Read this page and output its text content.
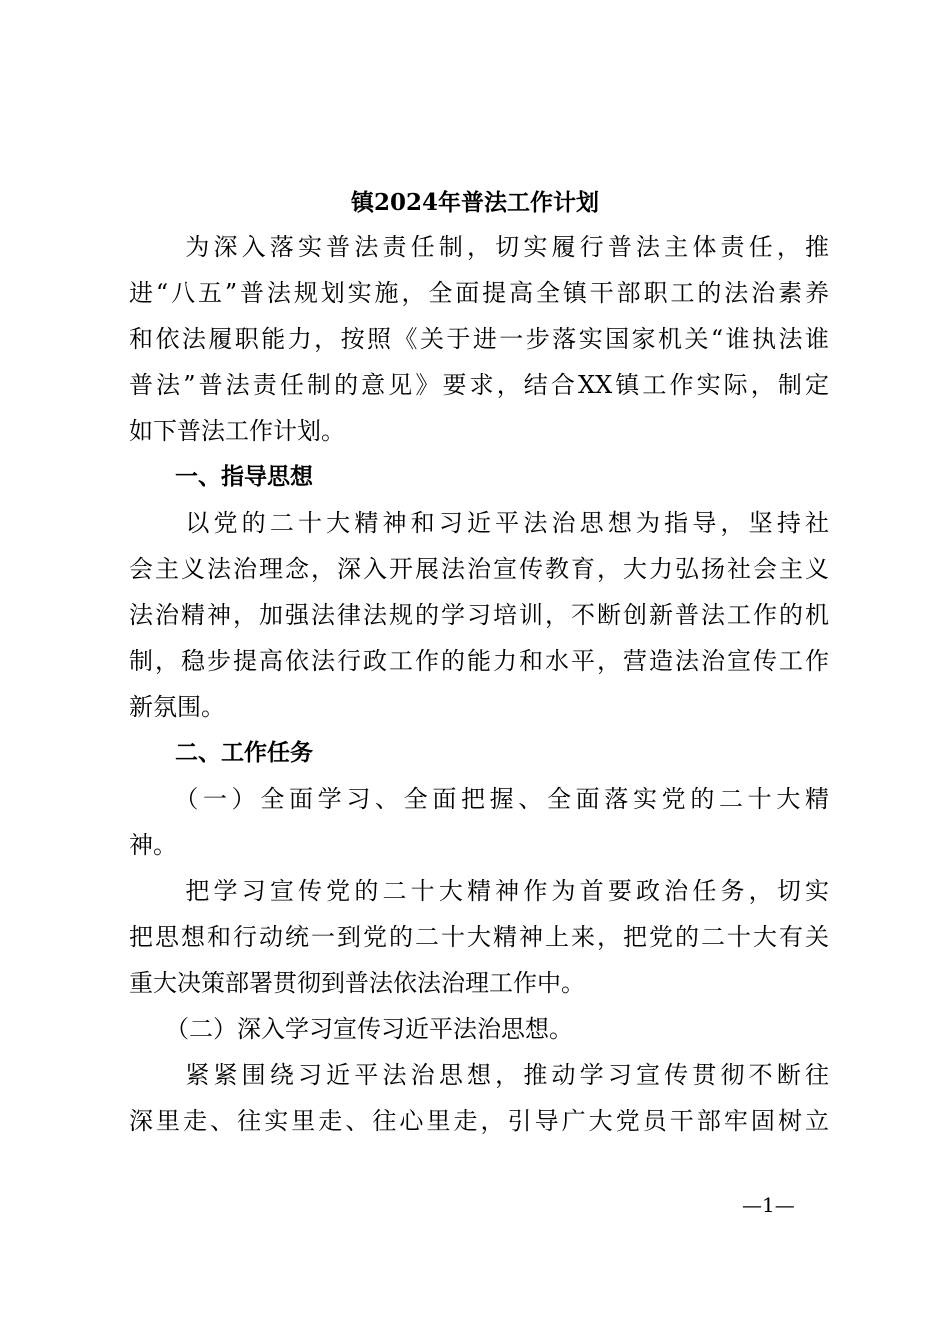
镇2024年普法工作计划
　　为深入落实普法责任制，切实履行普法主体责任，推
进“八五”普法规划实施，全面提高全镇干部职工的法治素养
和依法履职能力，按照《关于进一步落实国家机关“谁执法谁
普法”普法责任制的意见》要求，结合XX镇工作实际，制定
如下普法工作计划。
　　一、指导思想
　　以党的二十大精神和习近平法治思想为指导，坚持社
会主义法治理念，深入开展法治宣传教育，大力弘扬社会主义
法治精神，加强法律法规的学习培训，不断创新普法工作的机
制，稳步提高依法行政工作的能力和水平，营造法治宣传工作
新氛围。
　　二、工作任务
　　（一）全面学习、全面把握、全面落实党的二十大精
神。
　　把学习宣传党的二十大精神作为首要政治任务，切实
把思想和行动统一到党的二十大精神上来，把党的二十大有关
重大决策部署贯彻到普法依法治理工作中。
　　（二）深入学习宣传习近平法治思想。
　　紧紧围绕习近平法治思想，推动学习宣传贯彻不断往
深里走、往实里走、往心里走，引导广大党员干部牢固树立
—1—
